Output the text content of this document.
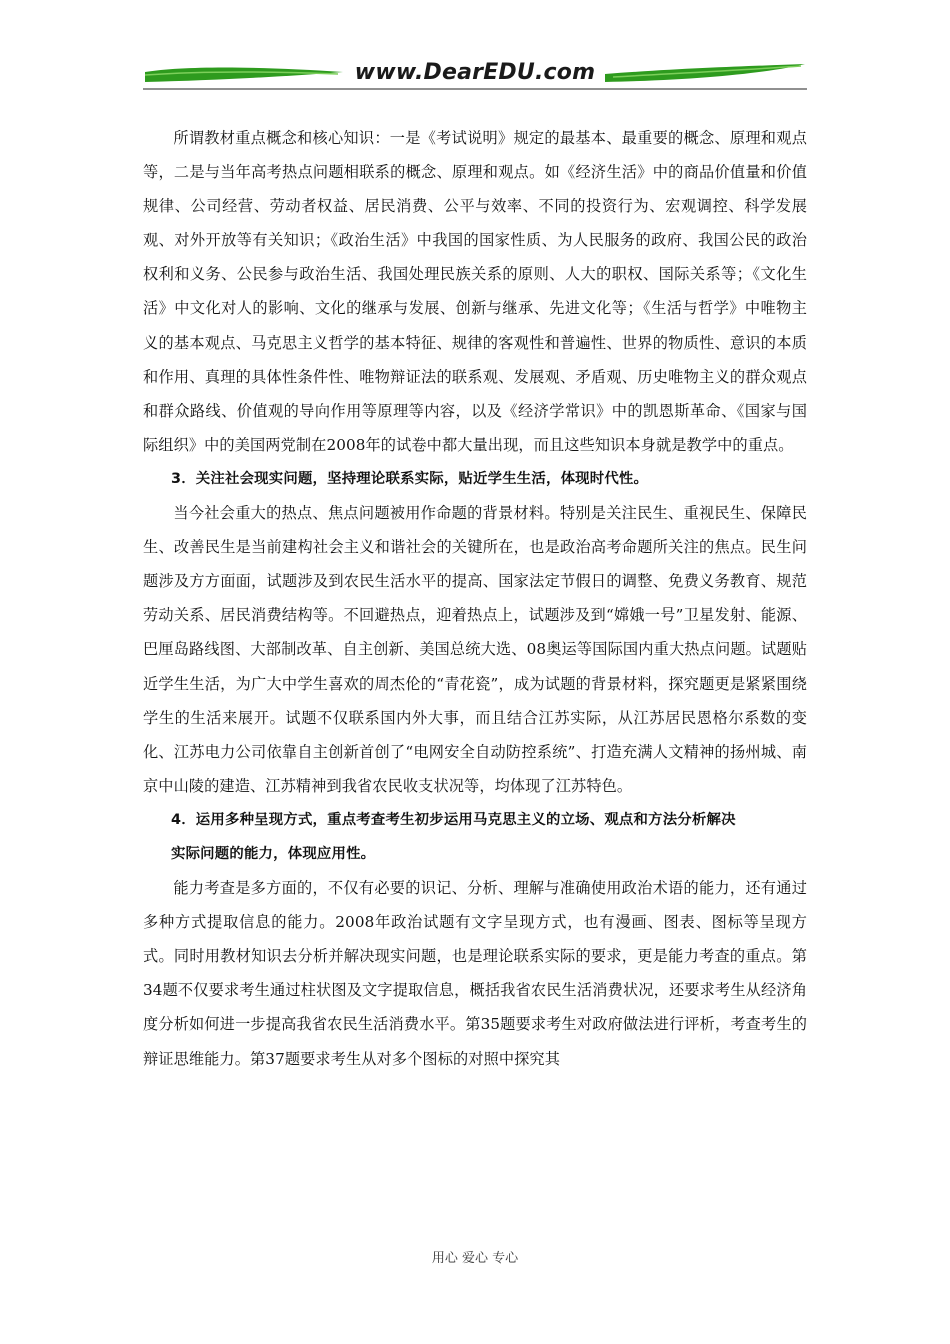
www.DearEDU.com

所谓教材重点概念和核心知识：一是《考试说明》规定的最基本、最重要的概念、原理和观点等，二是与当年高考热点问题相联系的概念、原理和观点。如《经济生活》中的商品价值量和价值规律、公司经营、劳动者权益、居民消费、公平与效率、不同的投资行为、宏观调控、科学发展观、对外开放等有关知识；《政治生活》中我国的国家性质、为人民服务的政府、我国公民的政治权利和义务、公民参与政治生活、我国处理民族关系的原则、人大的职权、国际关系等；《文化生活》中文化对人的影响、文化的继承与发展、创新与继承、先进文化等；《生活与哲学》中唯物主义的基本观点、马克思主义哲学的基本特征、规律的客观性和普遍性、世界的物质性、意识的本质和作用、真理的具体性条件性、唯物辩证法的联系观、发展观、矛盾观、历史唯物主义的群众观点和群众路线、价值观的导向作用等原理等内容，以及《经济学常识》中的凯恩斯革命、《国家与国际组织》中的美国两党制在2008年的试卷中都大量出现，而且这些知识本身就是教学中的重点。

3．关注社会现实问题，坚持理论联系实际，贴近学生生活，体现时代性。

当今社会重大的热点、焦点问题被用作命题的背景材料。特别是关注民生、重视民生、保障民生、改善民生是当前建构社会主义和谐社会的关键所在，也是政治高考命题所关注的焦点。民生问题涉及方方面面，试题涉及到农民生活水平的提高、国家法定节假日的调整、免费义务教育、规范劳动关系、居民消费结构等。不回避热点，迎着热点上，试题涉及到“嫦娥一号”卫星发射、能源、巴厘岛路线图、大部制改革、自主创新、美国总统大选、08奥运等国际国内重大热点问题。试题贴近学生生活，为广大中学生喜欢的周杰伦的“青花瓷”，成为试题的背景材料，探究题更是紧紧围绕学生的生活来展开。试题不仅联系国内外大事，而且结合江苏实际，从江苏居民恩格尔系数的变化、江苏电力公司依靠自主创新首创了“电网安全自动防控系统”、打造充满人文精神的扬州城、南京中山陵的建造、江苏精神到我省农民收支状况等，均体现了江苏特色。

4．运用多种呈现方式，重点考查考生初步运用马克思主义的立场、观点和方法分析解决
实际问题的能力，体现应用性。

能力考查是多方面的，不仅有必要的识记、分析、理解与准确使用政治术语的能力，还有通过多种方式提取信息的能力。2008年政治试题有文字呈现方式，也有漫画、图表、图标等呈现方式。同时用教材知识去分析并解决现实问题，也是理论联系实际的要求，更是能力考查的重点。第34题不仅要求考生通过柱状图及文字提取信息，概括我省农民生活消费状况，还要求考生从经济角度分析如何进一步提高我省农民生活消费水平。第35题要求考生对政府做法进行评析，考查考生的辩证思维能力。第37题要求考生从对多个图标的对照中探究其

用心 爱心 专心
